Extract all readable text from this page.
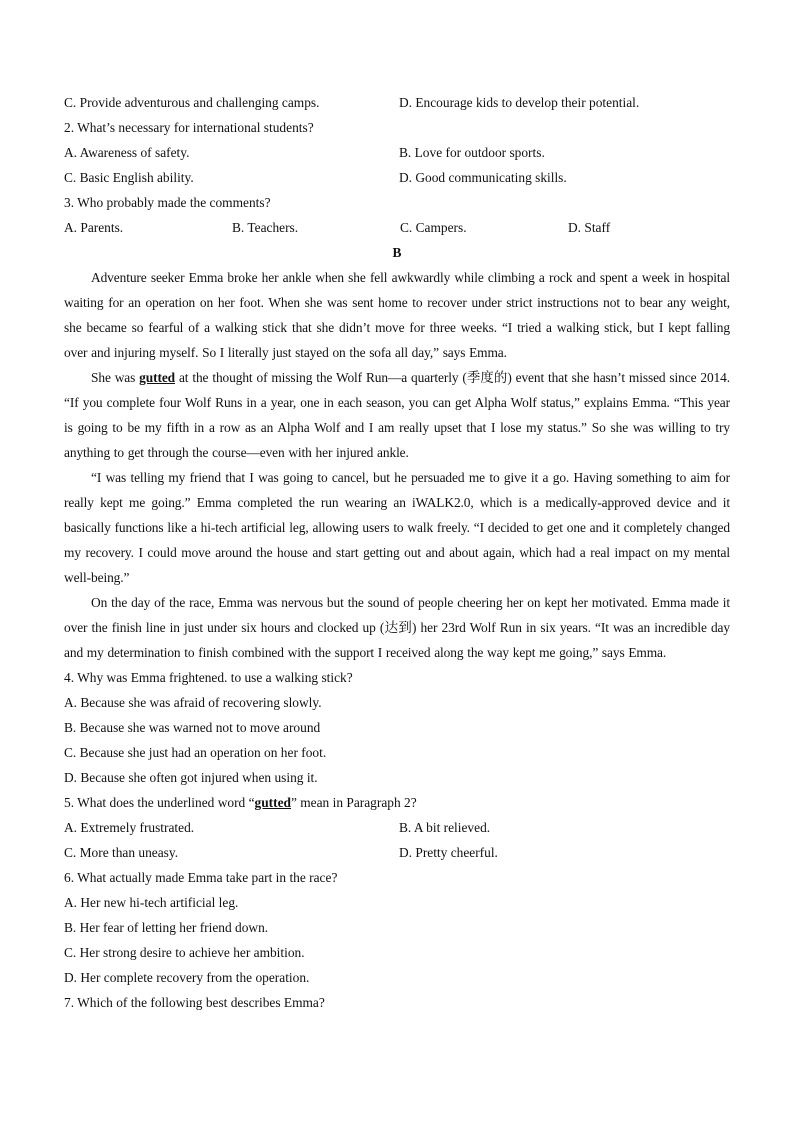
C. Provide adventurous and challenging camps.	D. Encourage kids to develop their potential.
2. What’s necessary for international students?
A. Awareness of safety.	B. Love for outdoor sports.
C. Basic English ability.	D. Good communicating skills.
3. Who probably made the comments?
A. Parents.	B. Teachers.	C. Campers.	D. Staff
B
Adventure seeker Emma broke her ankle when she fell awkwardly while climbing a rock and spent a week in hospital waiting for an operation on her foot. When she was sent home to recover under strict instructions not to bear any weight, she became so fearful of a walking stick that she didn’t move for three weeks. “I tried a walking stick, but I kept falling over and injuring myself. So I literally just stayed on the sofa all day,” says Emma.
She was gutted at the thought of missing the Wolf Run—a quarterly (季度的) event that she hasn’t missed since 2014. “If you complete four Wolf Runs in a year, one in each season, you can get Alpha Wolf status,” explains Emma. “This year is going to be my fifth in a row as an Alpha Wolf and I am really upset that I lose my status.” So she was willing to try anything to get through the course—even with her injured ankle.
“I was telling my friend that I was going to cancel, but he persuaded me to give it a go. Having something to aim for really kept me going.” Emma completed the run wearing an iWALK2.0, which is a medically-approved device and it basically functions like a hi-tech artificial leg, allowing users to walk freely. “I decided to get one and it completely changed my recovery. I could move around the house and start getting out and about again, which had a real impact on my mental well-being.”
On the day of the race, Emma was nervous but the sound of people cheering her on kept her motivated. Emma made it over the finish line in just under six hours and clocked up (达到) her 23rd Wolf Run in six years. “It was an incredible day and my determination to finish combined with the support I received along the way kept me going,” says Emma.
4. Why was Emma frightened. to use a walking stick?
A. Because she was afraid of recovering slowly.
B. Because she was warned not to move around
C. Because she just had an operation on her foot.
D. Because she often got injured when using it.
5. What does the underlined word “gutted” mean in Paragraph 2?
A. Extremely frustrated.	B. A bit relieved.
C. More than uneasy.	D. Pretty cheerful.
6. What actually made Emma take part in the race?
A. Her new hi-tech artificial leg.
B. Her fear of letting her friend down.
C. Her strong desire to achieve her ambition.
D. Her complete recovery from the operation.
7. Which of the following best describes Emma?
